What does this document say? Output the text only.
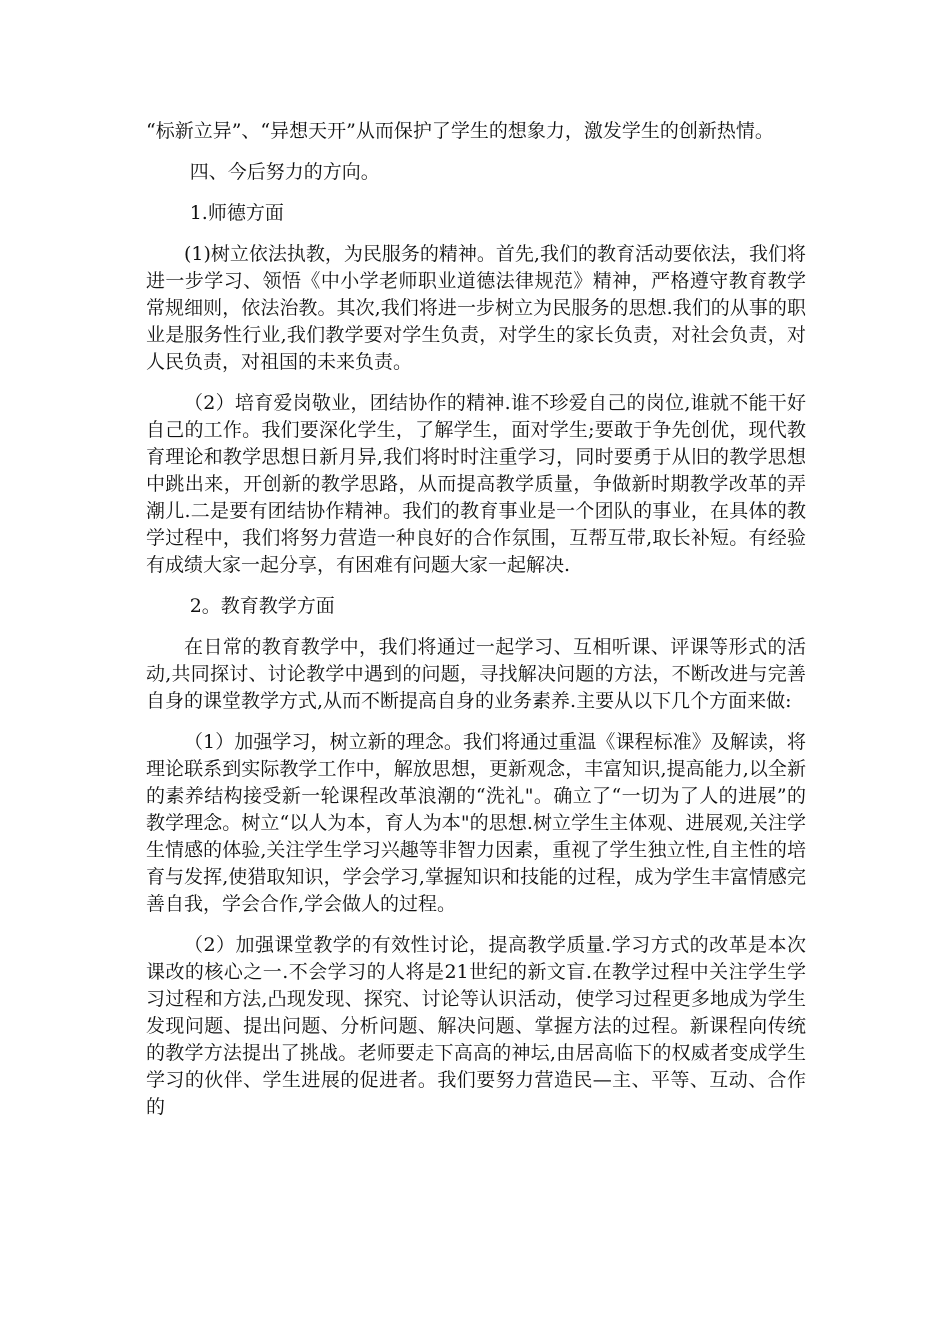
“标新立异”、“异想天开”从而保护了学生的想象力，激发学生的创新热情。

四、今后努力的方向。

1.师德方面

(1)树立依法执教，为民服务的精神。首先,我们的教育活动要依法，我们将进一步学习、领悟《中小学老师职业道德法律规范》精神，严格遵守教育教学常规细则，依法治教。其次,我们将进一步树立为民服务的思想.我们的从事的职业是服务性行业,我们教学要对学生负责，对学生的家长负责，对社会负责，对人民负责，对祖国的未来负责。

（2）培育爱岗敬业，团结协作的精神.谁不珍爱自己的岗位,谁就不能干好自己的工作。我们要深化学生，了解学生，面对学生;要敢于争先创优，现代教育理论和教学思想日新月异,我们将时时注重学习，同时要勇于从旧的教学思想中跳出来，开创新的教学思路，从而提高教学质量，争做新时期教学改革的弄潮儿.二是要有团结协作精神。我们的教育事业是一个团队的事业，在具体的教学过程中，我们将努力营造一种良好的合作氛围，互帮互带,取长补短。有经验有成绩大家一起分享，有困难有问题大家一起解决.

2。教育教学方面

在日常的教育教学中，我们将通过一起学习、互相听课、评课等形式的活动,共同探讨、讨论教学中遇到的问题，寻找解决问题的方法，不断改进与完善自身的课堂教学方式,从而不断提高自身的业务素养.主要从以下几个方面来做:

（1）加强学习，树立新的理念。我们将通过重温《课程标准》及解读，将理论联系到实际教学工作中，解放思想，更新观念，丰富知识,提高能力,以全新的素养结构接受新一轮课程改革浪潮的“洗礼"。确立了“一切为了人的进展”的教学理念。树立“以人为本，育人为本"的思想.树立学生主体观、进展观,关注学生情感的体验,关注学生学习兴趣等非智力因素，重视了学生独立性,自主性的培育与发挥,使猎取知识，学会学习,掌握知识和技能的过程，成为学生丰富情感完善自我，学会合作,学会做人的过程。

（2）加强课堂教学的有效性讨论，提高教学质量.学习方式的改革是本次课改的核心之一.不会学习的人将是21世纪的新文盲.在教学过程中关注学生学习过程和方法,凸现发现、探究、讨论等认识活动，使学习过程更多地成为学生发现问题、提出问题、分析问题、解决问题、掌握方法的过程。新课程向传统的教学方法提出了挑战。老师要走下高高的神坛,由居高临下的权威者变成学生学习的伙伴、学生进展的促进者。我们要努力营造民—主、平等、互动、合作的
